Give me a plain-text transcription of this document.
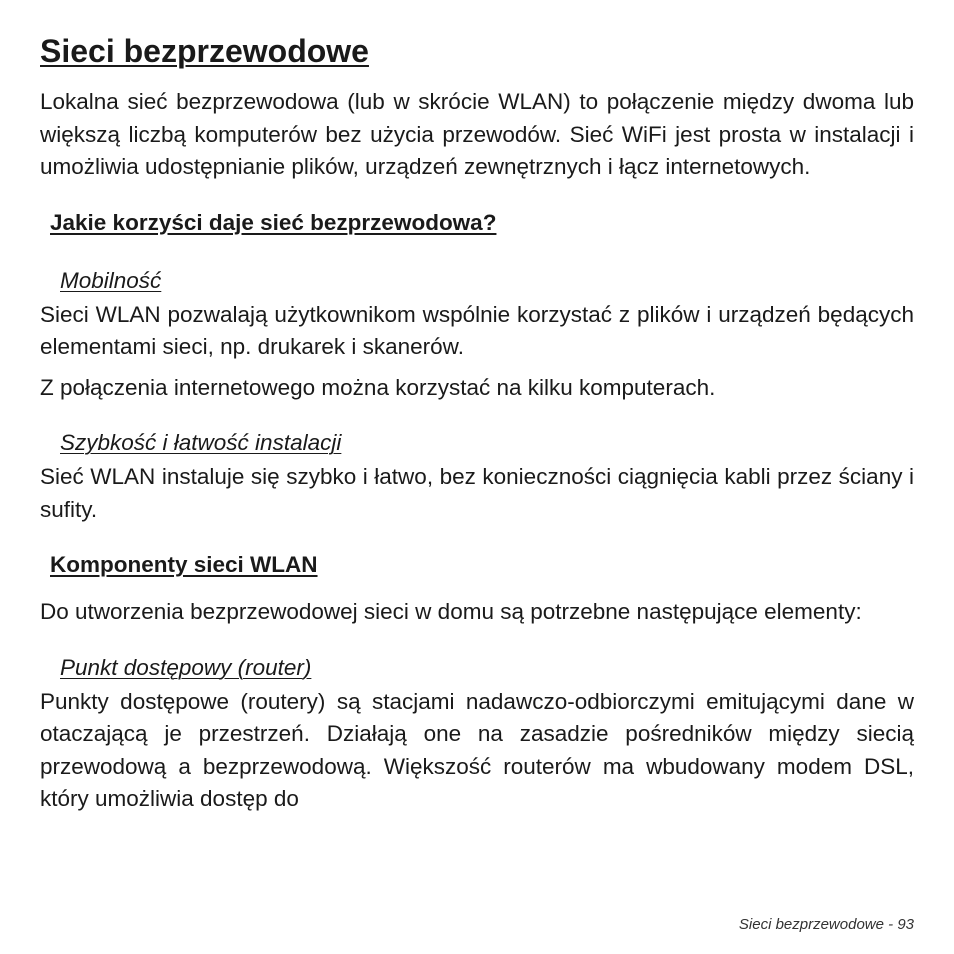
Sieci bezprzewodowe

Lokalna sieć bezprzewodowa (lub w skrócie WLAN) to połączenie między dwoma lub większą liczbą komputerów bez użycia przewodów. Sieć WiFi jest prosta w instalacji i umożliwia udostępnianie plików, urządzeń zewnętrznych i łącz internetowych.

Jakie korzyści daje sieć bezprzewodowa?
Mobilność

Sieci WLAN pozwalają użytkownikom wspólnie korzystać z plików i urządzeń będących elementami sieci, np. drukarek i skanerów.

Z połączenia internetowego można korzystać na kilku komputerach.

Szybkość i łatwość instalacji

Sieć WLAN instaluje się szybko i łatwo, bez konieczności ciągnięcia kabli przez ściany i sufity.

Komponenty sieci WLAN

Do utworzenia bezprzewodowej sieci w domu są potrzebne następujące elementy:

Punkt dostępowy (router)

Punkty dostępowe (routery) są stacjami nadawczo-odbiorczymi emitującymi dane w otaczającą je przestrzeń. Działają one na zasadzie pośredników między siecią przewodową a bezprzewodową. Większość routerów ma wbudowany modem DSL, który umożliwia dostęp do

Sieci bezprzewodowe - 93
